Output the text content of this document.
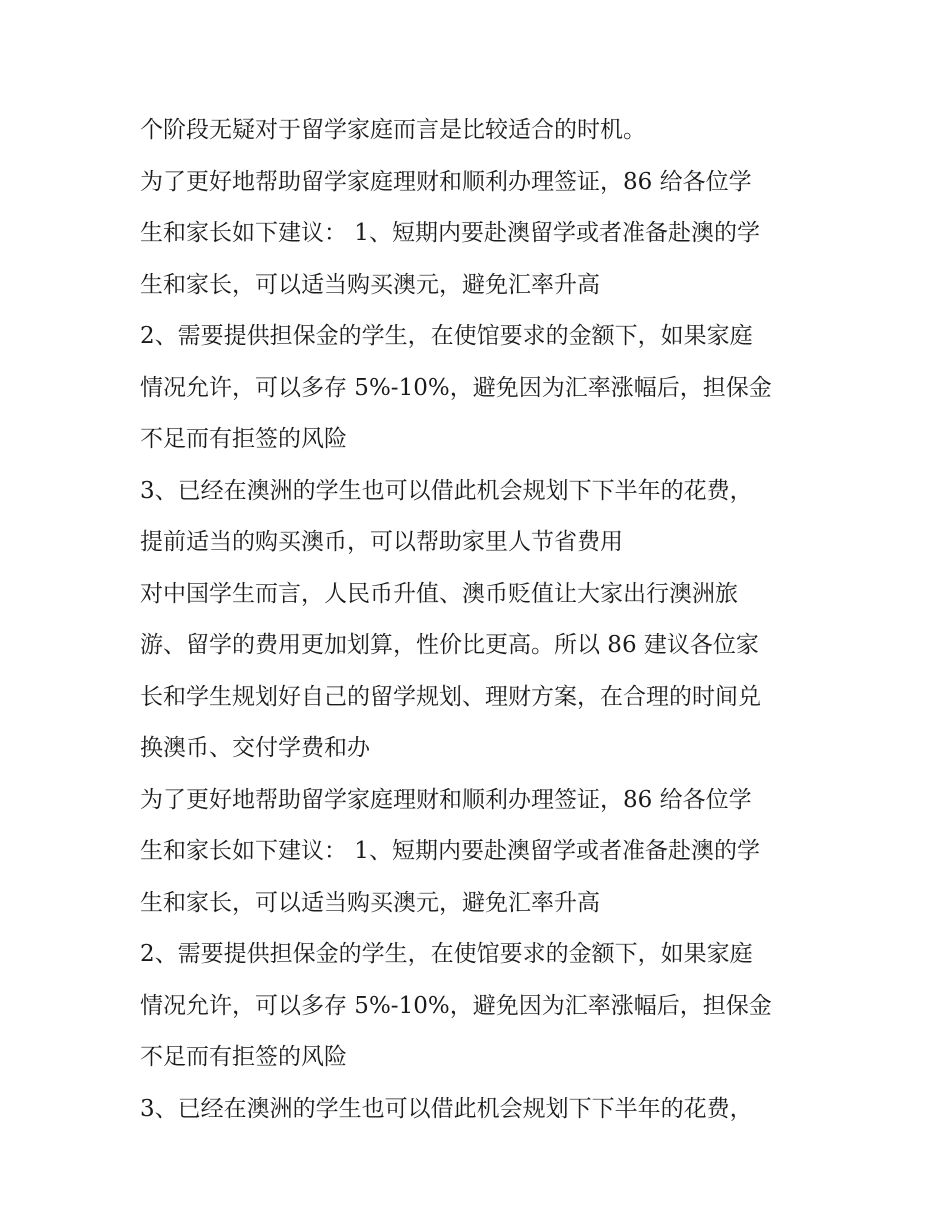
个阶段无疑对于留学家庭而言是比较适合的时机。

为了更好地帮助留学家庭理财和顺利办理签证，86 给各位学

生和家长如下建议： 1、短期内要赴澳留学或者准备赴澳的学

生和家长，可以适当购买澳元，避免汇率升高

2、需要提供担保金的学生，在使馆要求的金额下，如果家庭

情况允许，可以多存 5%-10%，避免因为汇率涨幅后，担保金

不足而有拒签的风险

3、已经在澳洲的学生也可以借此机会规划下下半年的花费，

提前适当的购买澳币，可以帮助家里人节省费用

对中国学生而言，人民币升值、澳币贬值让大家出行澳洲旅

游、留学的费用更加划算，性价比更高。所以 86 建议各位家

长和学生规划好自己的留学规划、理财方案，在合理的时间兑

换澳币、交付学费和办

为了更好地帮助留学家庭理财和顺利办理签证，86 给各位学

生和家长如下建议： 1、短期内要赴澳留学或者准备赴澳的学

生和家长，可以适当购买澳元，避免汇率升高

2、需要提供担保金的学生，在使馆要求的金额下，如果家庭

情况允许，可以多存 5%-10%，避免因为汇率涨幅后，担保金

不足而有拒签的风险

3、已经在澳洲的学生也可以借此机会规划下下半年的花费，
